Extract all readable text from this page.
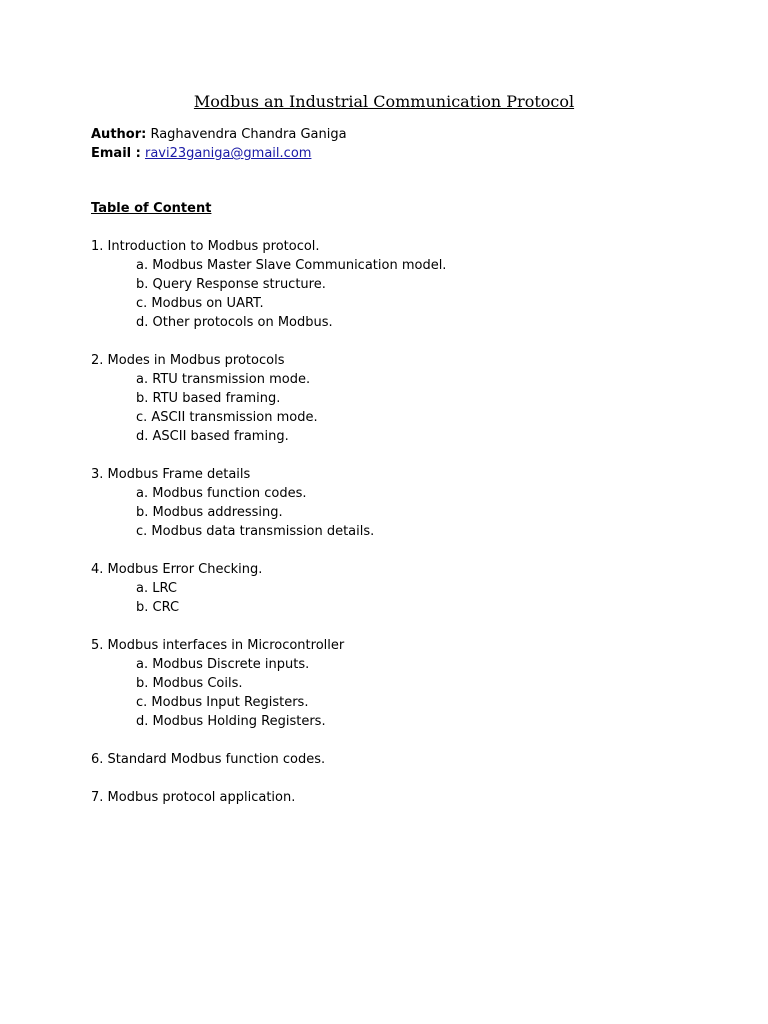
Modbus an Industrial Communication Protocol
Author: Raghavendra Chandra Ganiga
Email : ravi23ganiga@gmail.com
Table of Content
1. Introduction to Modbus protocol.
a. Modbus Master Slave Communication model.
b. Query Response structure.
c. Modbus on UART.
d. Other protocols on Modbus.
2. Modes in Modbus protocols
a. RTU transmission mode.
b. RTU based framing.
c. ASCII transmission mode.
d. ASCII based framing.
3. Modbus Frame details
a. Modbus function codes.
b. Modbus addressing.
c. Modbus data transmission details.
4. Modbus Error Checking.
a. LRC
b. CRC
5. Modbus interfaces in Microcontroller
a. Modbus Discrete inputs.
b. Modbus Coils.
c. Modbus Input Registers.
d. Modbus Holding Registers.
6. Standard Modbus function codes.
7. Modbus protocol application.
